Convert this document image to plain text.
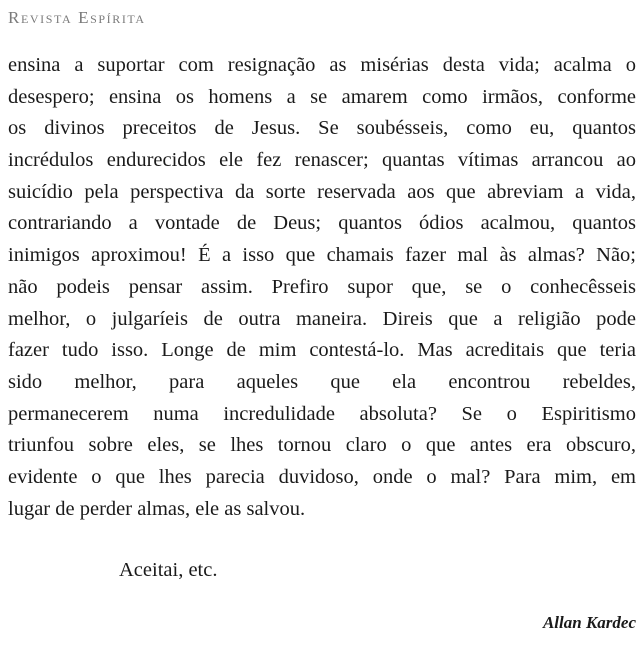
Revista Espírita
ensina a suportar com resignação as misérias desta vida; acalma o
desespero; ensina os homens a se amarem como irmãos, conforme
os divinos preceitos de Jesus. Se soubésseis, como eu, quantos
incrédulos endurecidos ele fez renascer; quantas vítimas arrancou ao
suicídio pela perspectiva da sorte reservada aos que abreviam a vida,
contrariando a vontade de Deus; quantos ódios acalmou, quantos
inimigos aproximou! É a isso que chamais fazer mal às almas? Não;
não podeis pensar assim. Prefiro supor que, se o conhecêsseis
melhor, o julgaríeis de outra maneira. Direis que a religião pode
fazer tudo isso. Longe de mim contestá-lo. Mas acreditais que teria
sido melhor, para aqueles que ela encontrou rebeldes,
permanecerem numa incredulidade absoluta? Se o Espiritismo
triunfou sobre eles, se lhes tornou claro o que antes era obscuro,
evidente o que lhes parecia duvidoso, onde o mal? Para mim, em
lugar de perder almas, ele as salvou.
Aceitai, etc.
Allan Kardec
